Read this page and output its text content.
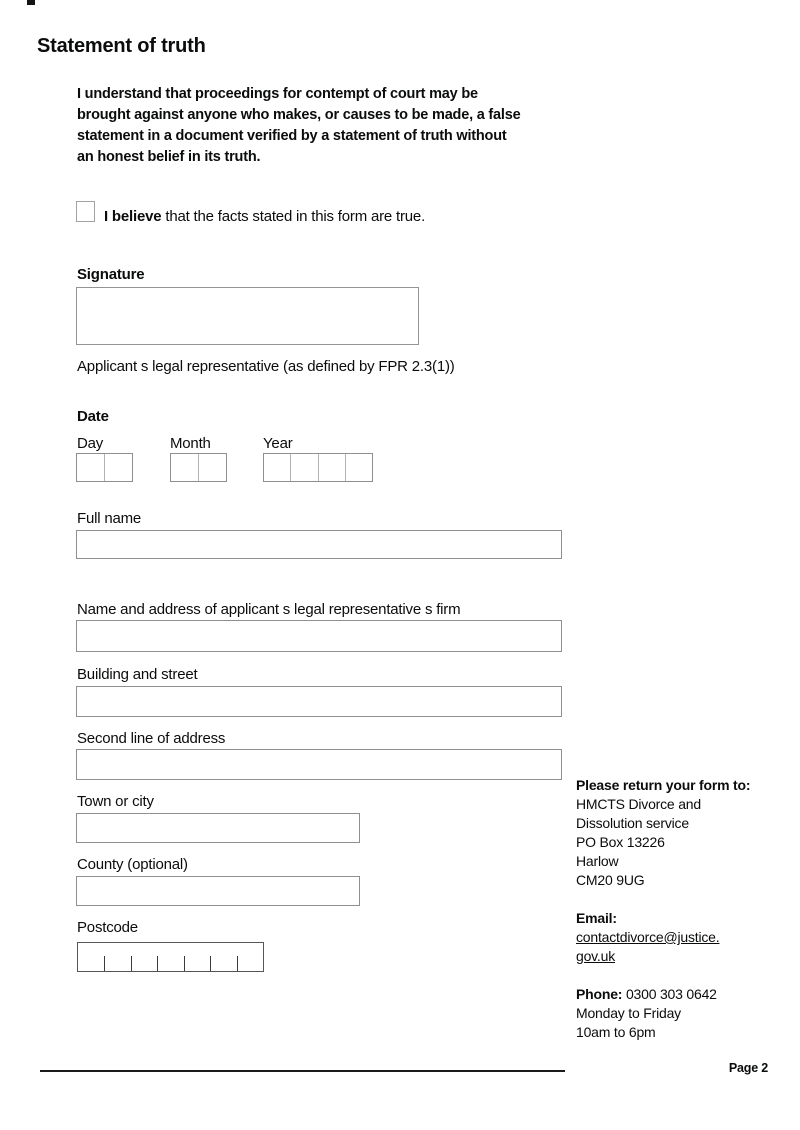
Statement of truth
I understand that proceedings for contempt of court may be
brought against anyone who makes, or causes to be made, a false
statement in a document verified by a statement of truth without
an honest belief in its truth.
I believe that the facts stated in this form are true.
Signature
Applicant s legal representative (as defined by FPR 2.3(1))
Date
Day	Month	Year
Full name
Name and address of applicant s legal representative s firm
Building and street
Second line of address
Town or city
County (optional)
Postcode
Please return your form to:
HMCTS Divorce and
Dissolution service
PO Box 13226
Harlow
CM20 9UG
Email:
contactdivorce@justice.
gov.uk
Phone: 0300 303 0642
Monday to Friday
10am to 6pm
Page 2
